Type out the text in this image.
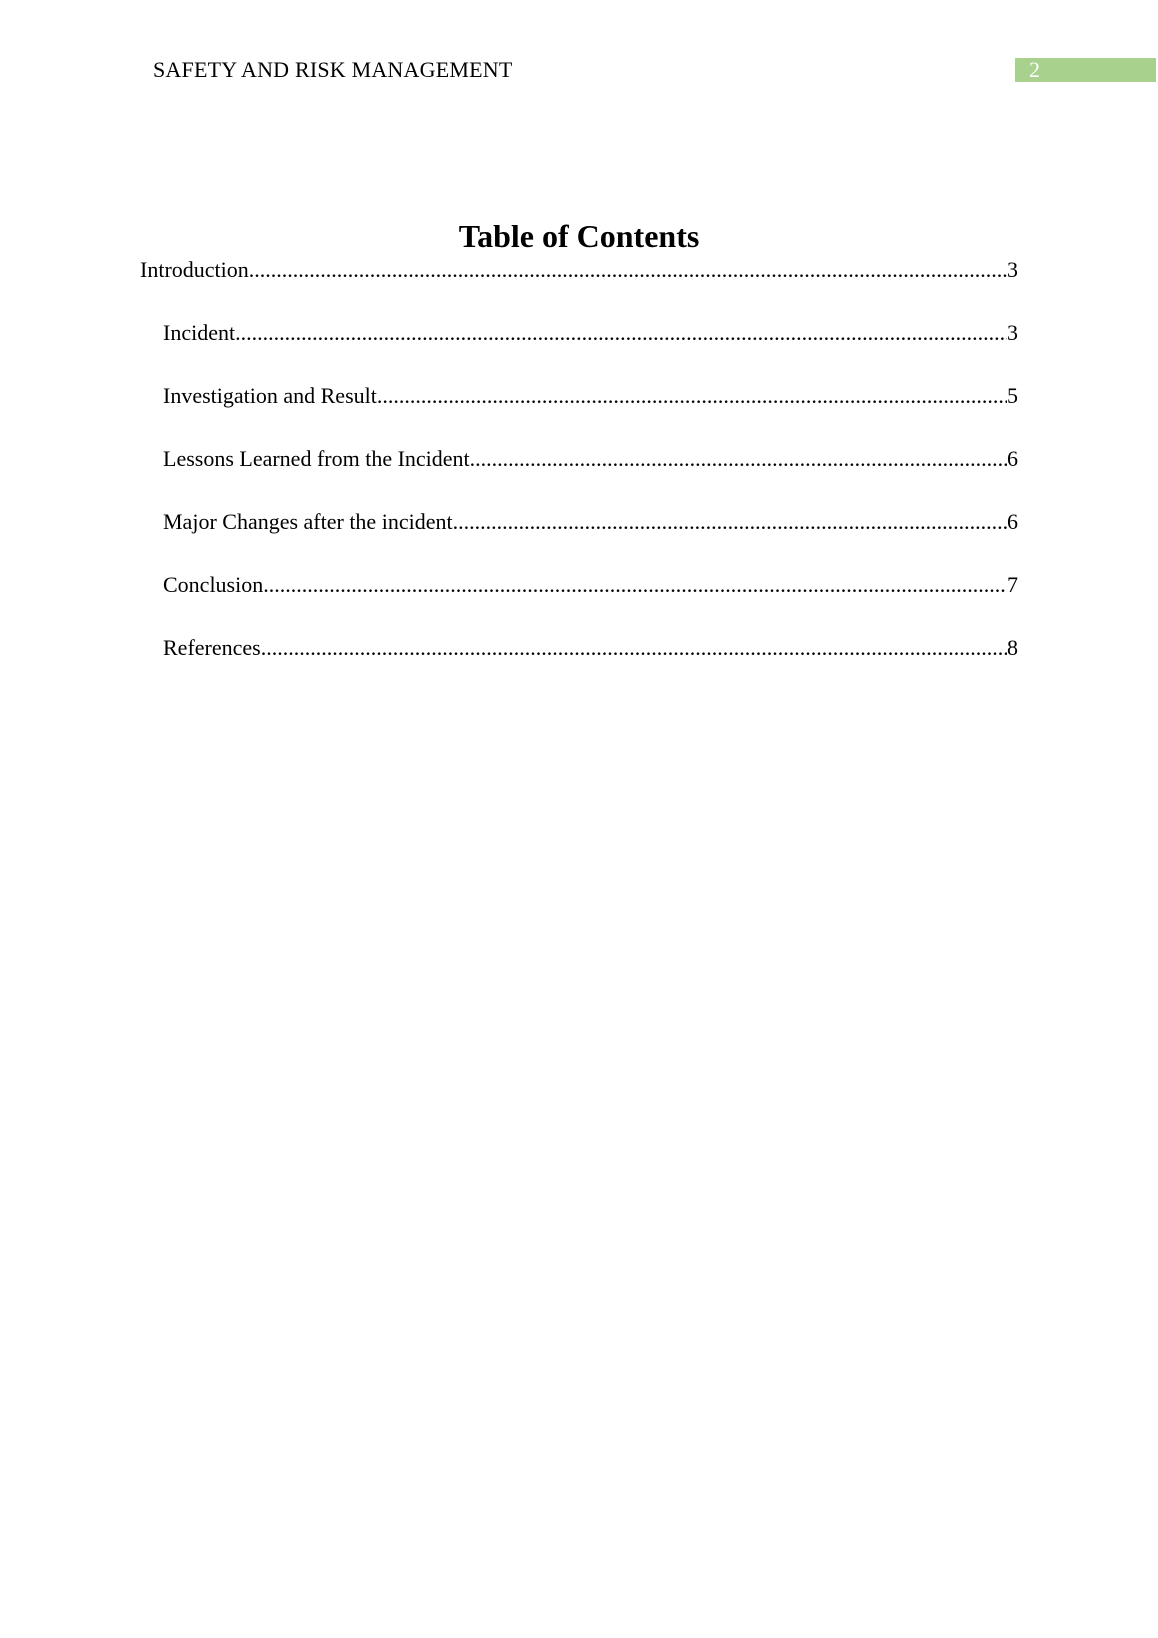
SAFETY AND RISK MANAGEMENT	2
Table of Contents
Introduction .....	3
Incident .....	3
Investigation and Result .....	5
Lessons Learned from the Incident .....	6
Major Changes after the incident .....	6
Conclusion .....	7
References .....	8
